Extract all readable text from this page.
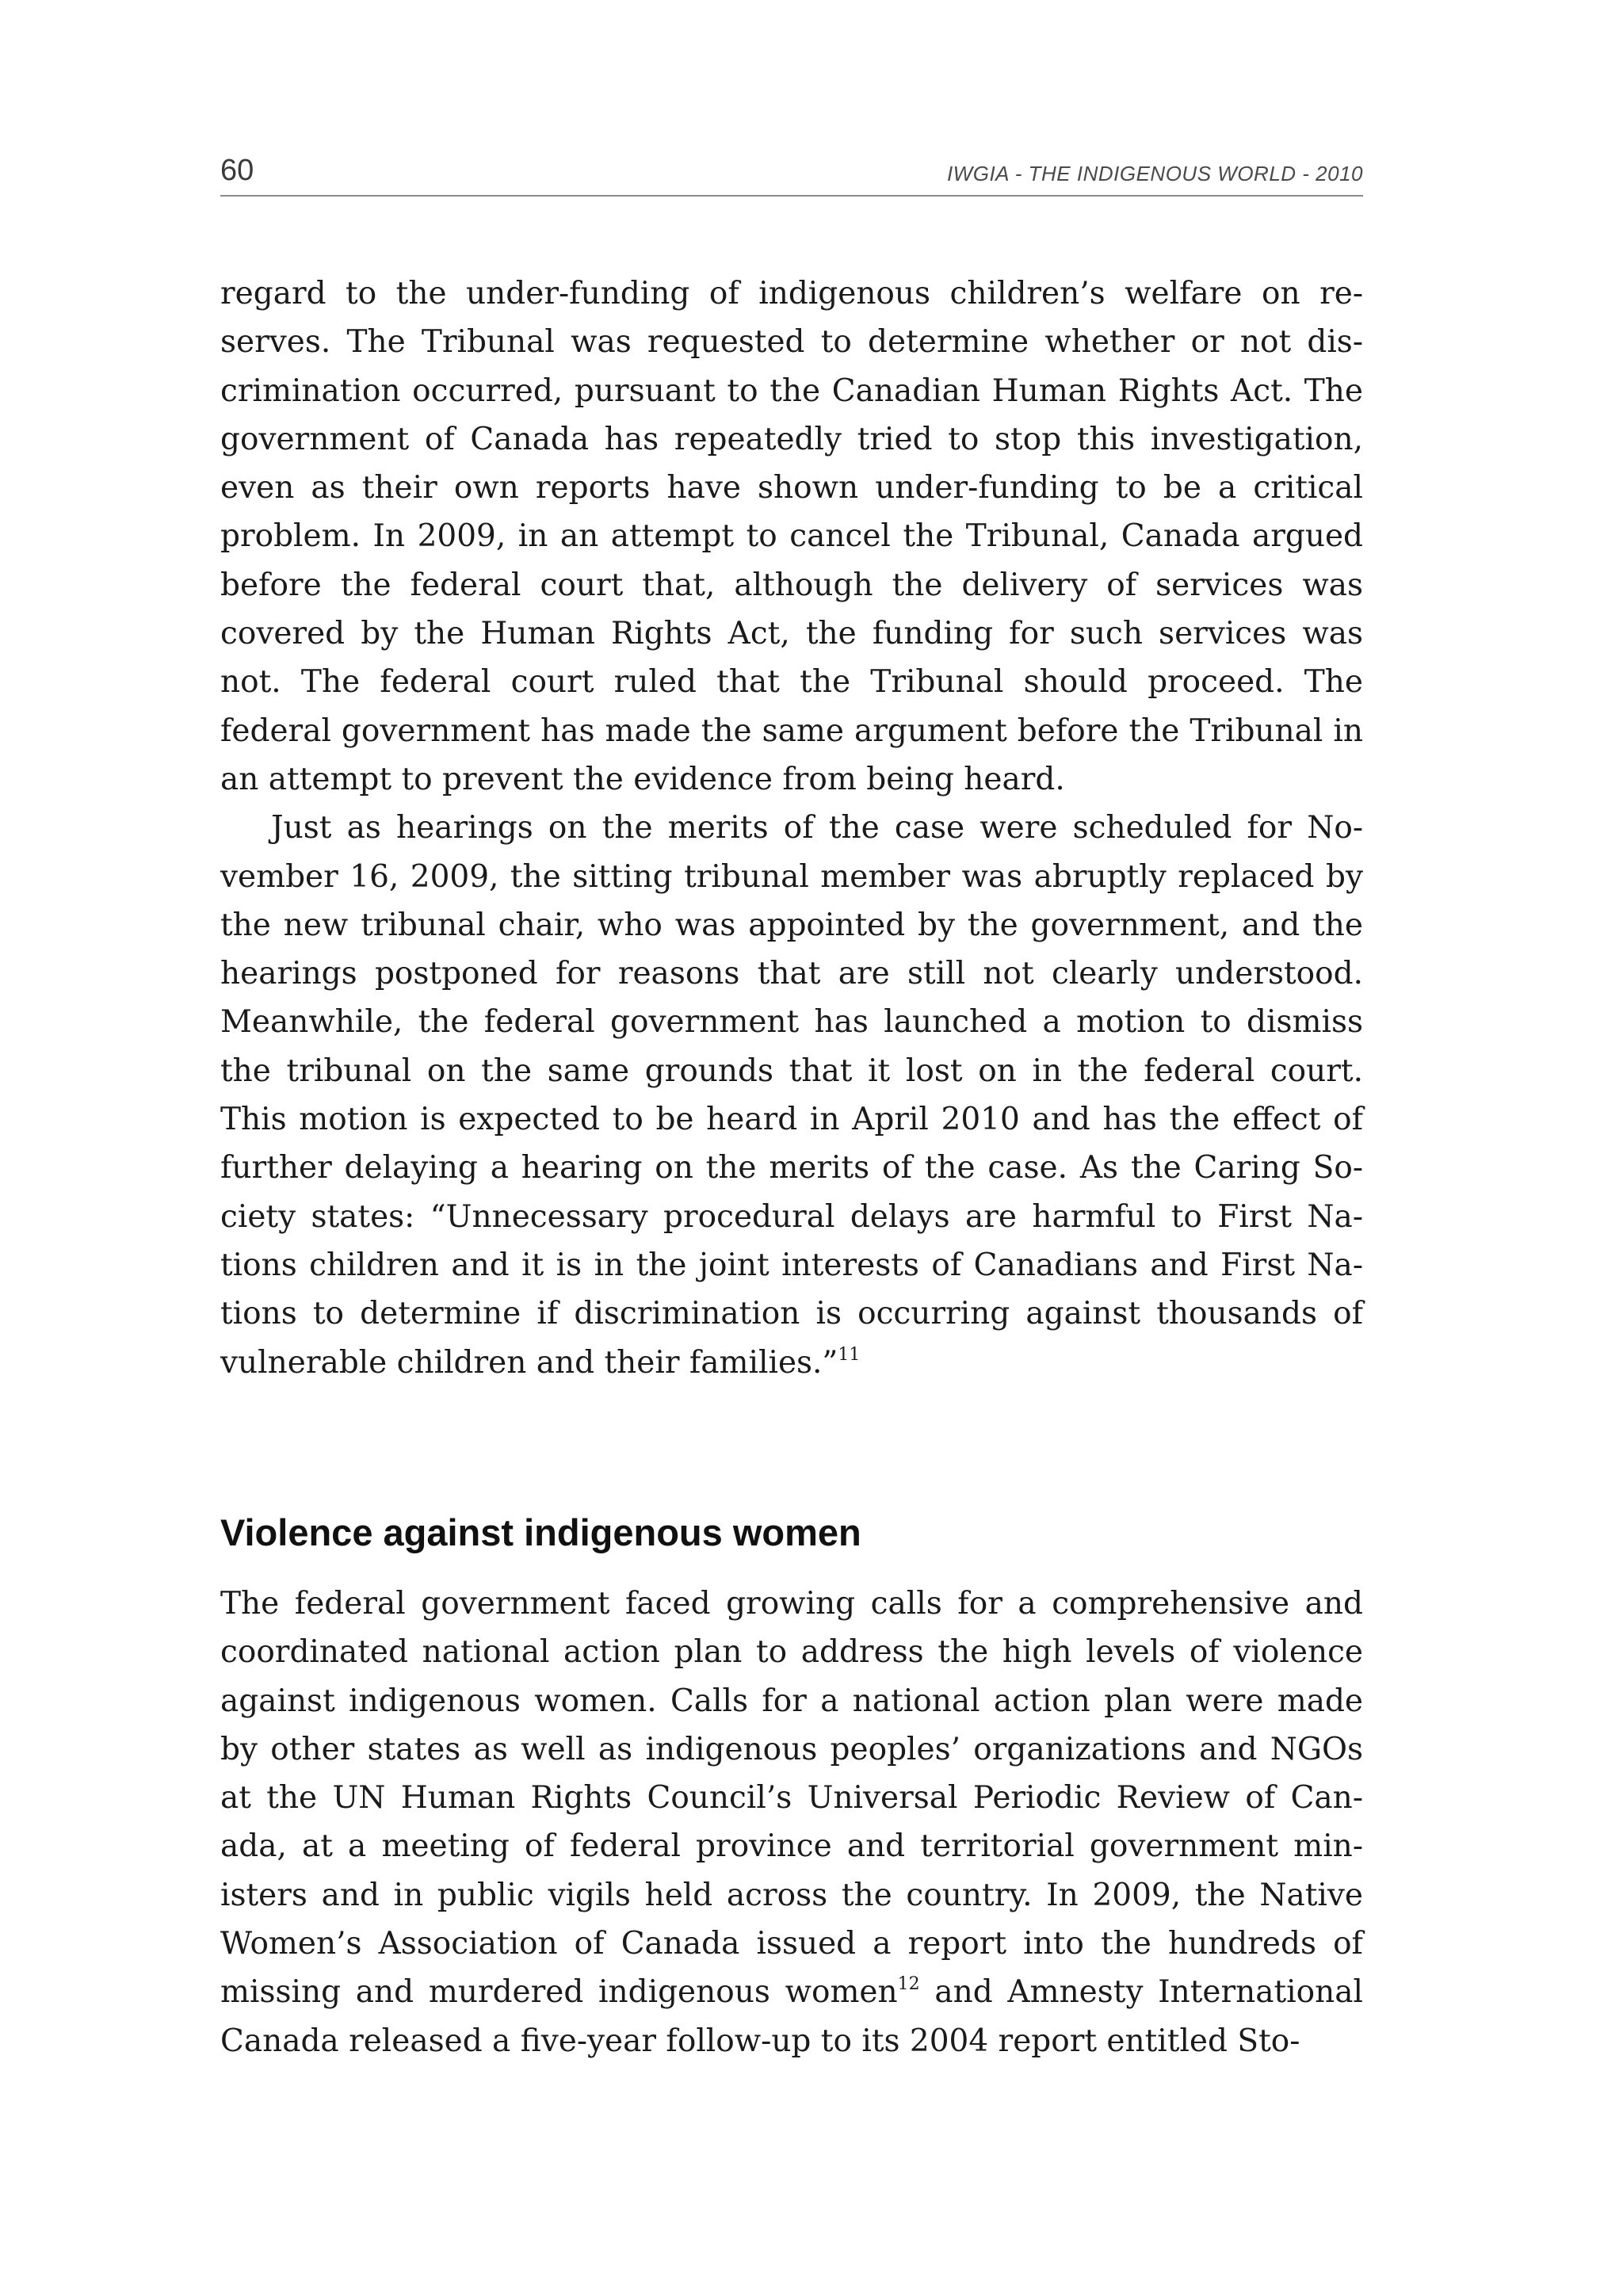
60	IWGIA - THE INDIGENOUS WORLD - 2010

regard to the under-funding of indigenous children’s welfare on reserves. The Tribunal was requested to determine whether or not discrimination occurred, pursuant to the Canadian Human Rights Act. The government of Canada has repeatedly tried to stop this investigation, even as their own reports have shown under-funding to be a critical problem. In 2009, in an attempt to cancel the Tribunal, Canada argued before the federal court that, although the delivery of services was covered by the Human Rights Act, the funding for such services was not. The federal court ruled that the Tribunal should proceed. The federal government has made the same argument before the Tribunal in an attempt to prevent the evidence from being heard.

Just as hearings on the merits of the case were scheduled for November 16, 2009, the sitting tribunal member was abruptly replaced by the new tribunal chair, who was appointed by the government, and the hearings postponed for reasons that are still not clearly understood. Meanwhile, the federal government has launched a motion to dismiss the tribunal on the same grounds that it lost on in the federal court. This motion is expected to be heard in April 2010 and has the effect of further delaying a hearing on the merits of the case. As the Caring Society states: “Unnecessary procedural delays are harmful to First Nations children and it is in the joint interests of Canadians and First Nations to determine if discrimination is occurring against thousands of vulnerable children and their families.”$^{11}$

Violence against indigenous women

The federal government faced growing calls for a comprehensive and coordinated national action plan to address the high levels of violence against indigenous women. Calls for a national action plan were made by other states as well as indigenous peoples’ organizations and NGOs at the UN Human Rights Council’s Universal Periodic Review of Canada, at a meeting of federal province and territorial government ministers and in public vigils held across the country. In 2009, the Native Women’s Association of Canada issued a report into the hundreds of missing and murdered indigenous women$^{12}$ and Amnesty International Canada released a five-year follow-up to its 2004 report entitled Sto-
